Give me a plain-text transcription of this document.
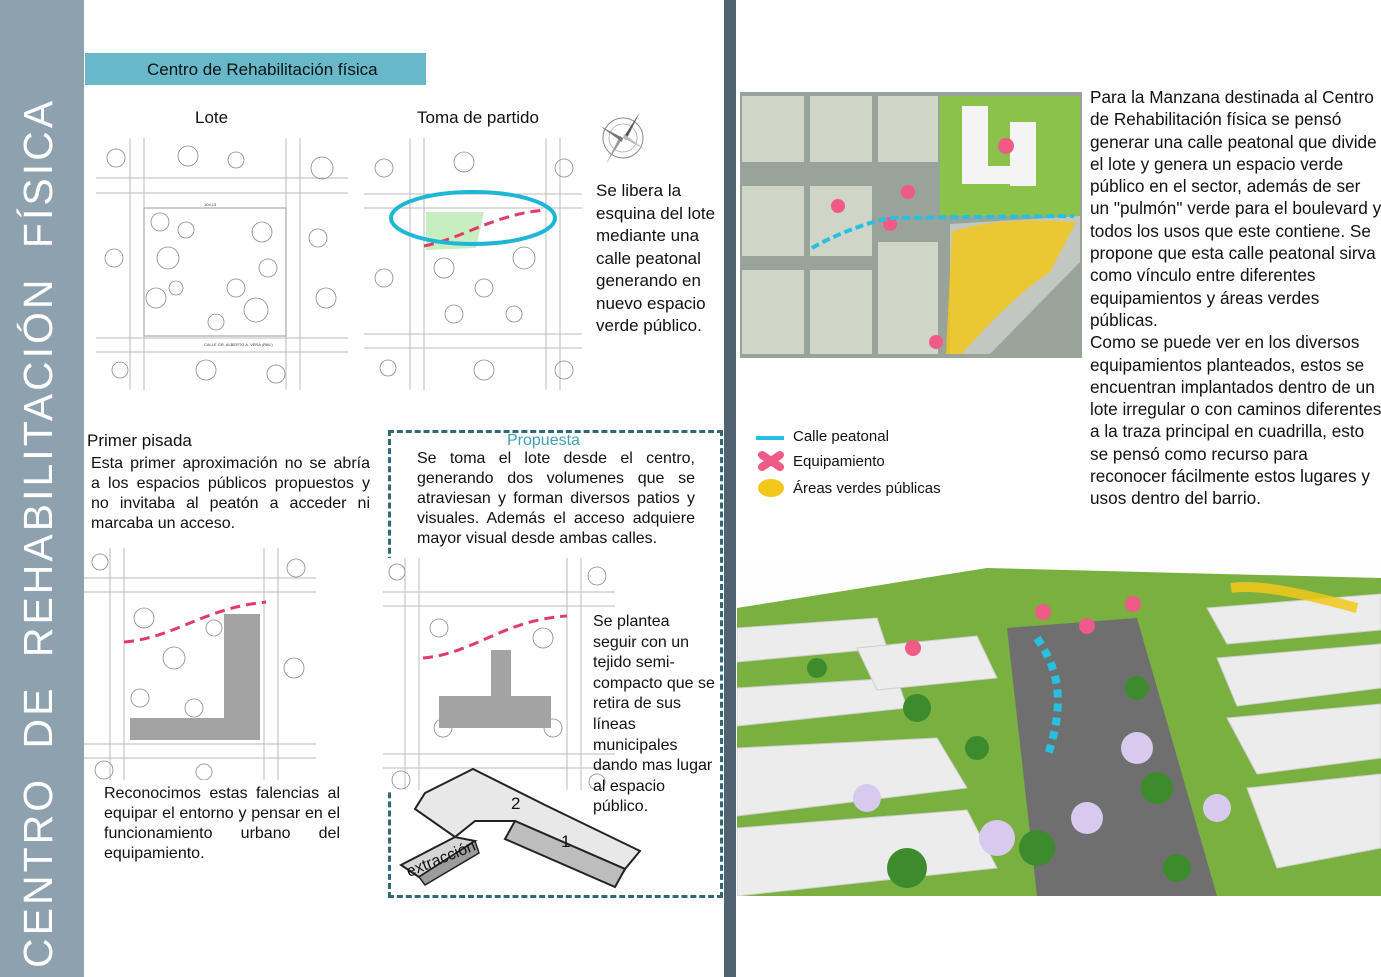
CENTRO DE REHABILITACIÓN FÍSICA
Centro de Rehabilitación física
Lote	Toma de partido
104,13
CALLE GR. ALBERTO A. VERA (PAV.)
Se libera la esquina del lote mediante una calle peatonal generando en nuevo espacio verde público.
Primer pisada
Esta primer aproximación no se abría a los espacios públicos propuestos y no invitaba al peatón a acceder ni marcaba un acceso.
Reconocimos estas falencias al equipar el entorno y pensar en el funcionamiento urbano del equipamiento.
Propuesta
Se toma el lote desde el centro, generando dos volumenes que se atraviesan y forman diversos patios y visuales. Además el acceso adquiere mayor visual desde ambas calles.
Se plantea seguir con un tejido semi-compacto que se retira de sus líneas municipales dando mas lugar al espacio público.
2
1
extracción
Para la Manzana destinada al Centro de Rehabilitación física se pensó generar una calle peatonal que divide el lote y genera un espacio verde público en el sector, además de ser un "pulmón" verde para el boulevard y todos los usos que este contiene. Se propone que esta calle peatonal sirva como vínculo entre diferentes equipamientos y áreas verdes públicas.
Como se puede ver en los diversos equipamientos planteados, estos se encuentran implantados dentro de un lote irregular o con caminos diferentes a la traza principal en cuadrilla, esto se pensó como recurso para reconocer fácilmente estos lugares y usos dentro del barrio.
Calle peatonal
Equipamiento
Áreas verdes públicas
